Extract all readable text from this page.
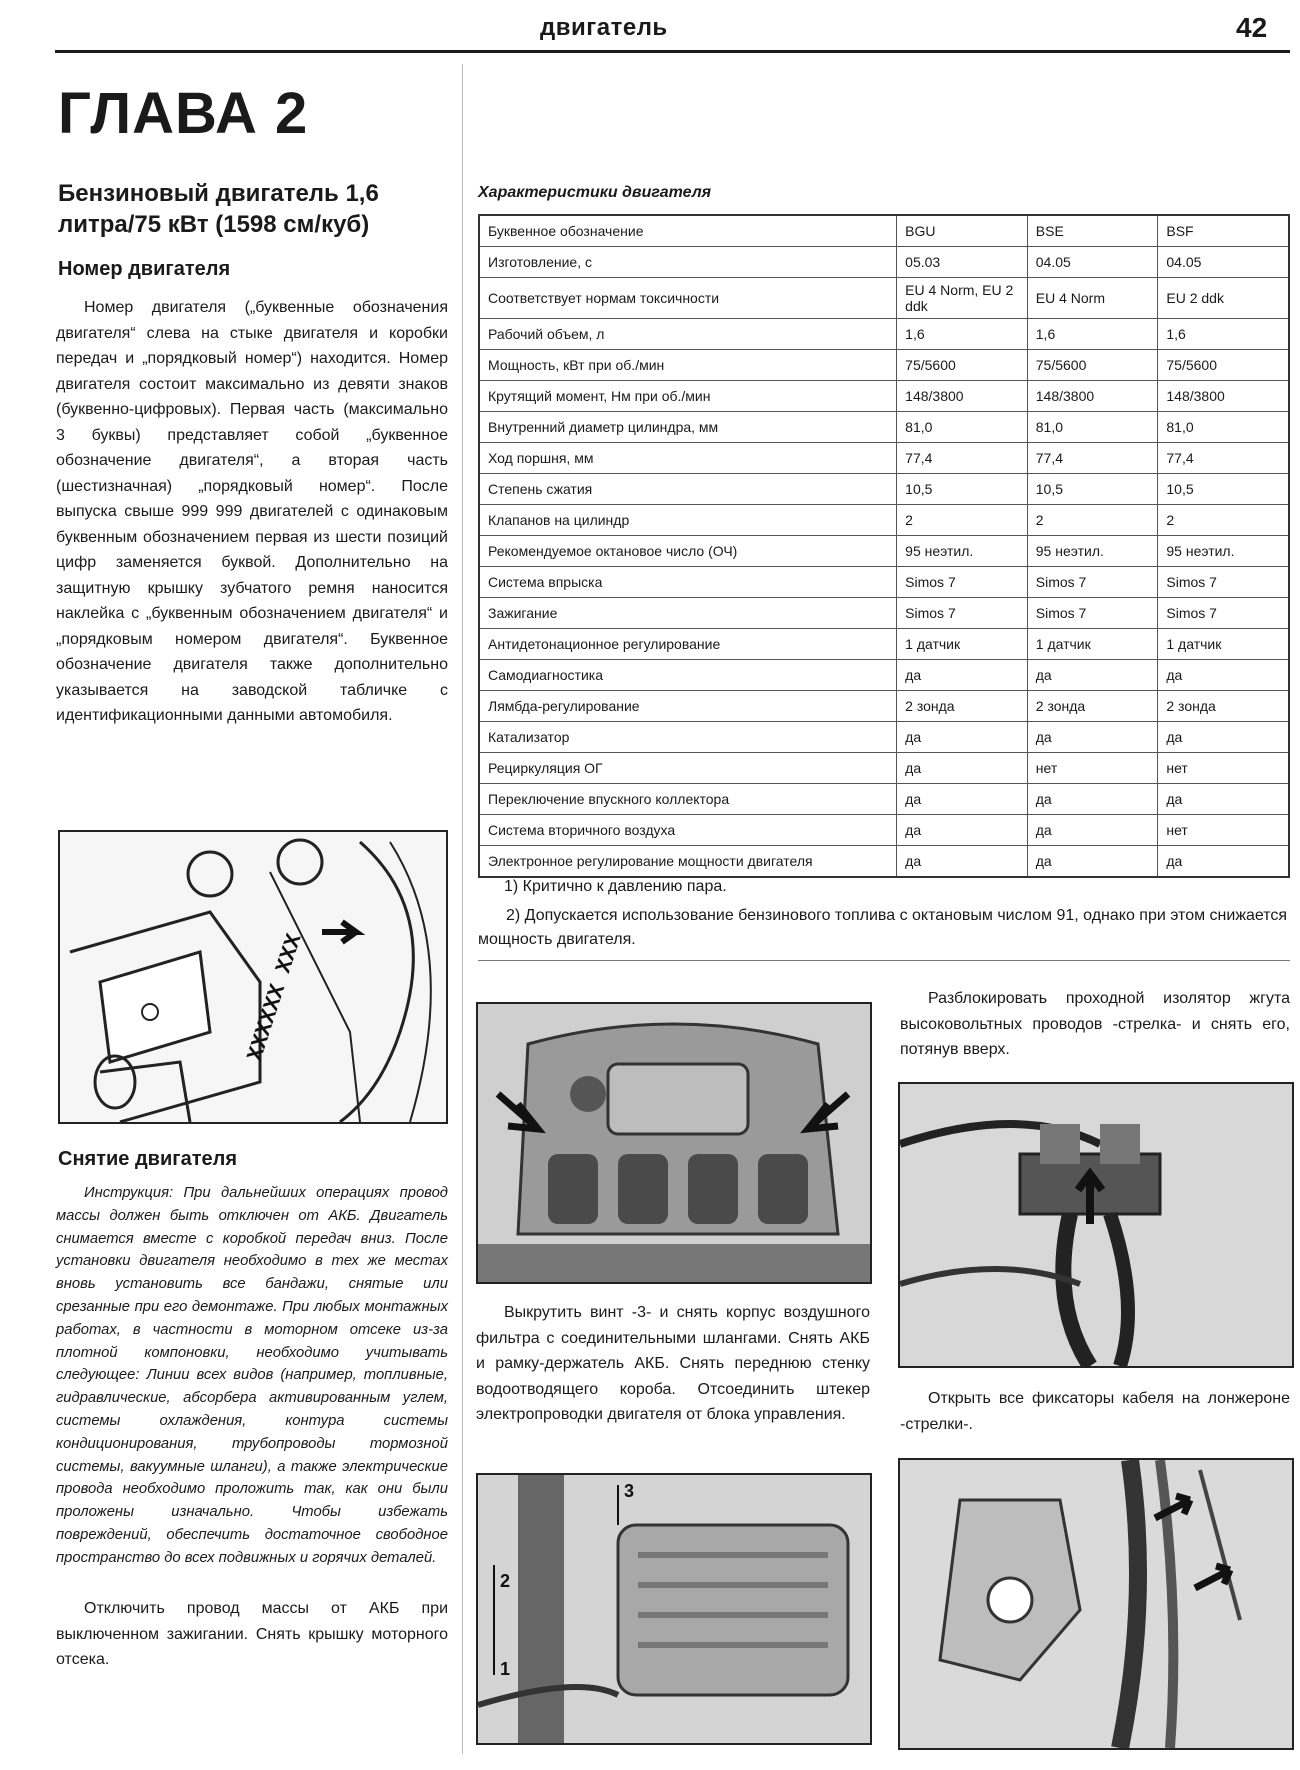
двигатель	42
ГЛАВА 2
Бензиновый двигатель 1,6 литра/75 кВт (1598 см/куб)
Номер двигателя
Номер двигателя („буквенные обозначения двигателя“ слева на стыке двигателя и коробки передач и „порядковый номер“) находится. Номер двигателя состоит максимально из девяти знаков (буквенно-цифровых). Первая часть (максимально 3 буквы) представляет собой „буквенное обозначение двигателя“, а вторая часть (шестизначная) „порядковый номер“. После выпуска свыше 999 999 двигателей с одинаковым буквенным обозначением первая из шести позиций цифр заменяется буквой. Дополнительно на защитную крышку зубчатого ремня наносится наклейка с „буквенным обозначением двигателя“ и „порядковым номером двигателя“. Буквенное обозначение двигателя также дополнительно указывается на заводской табличке с идентификационными данными автомобиля.
XXXXXX XXX
Снятие двигателя
Инструкция: При дальнейших операциях провод массы должен быть отключен от АКБ. Двигатель снимается вместе с коробкой передач вниз. После установки двигателя необходимо в тех же местах вновь установить все бандажи, снятые или срезанные при его демонтаже. При любых монтажных работах, в частности в моторном отсеке из-за плотной компоновки, необходимо учитывать следующее: Линии всех видов (например, топливные, гидравлические, абсорбера активированным углем, системы охлаждения, контура системы кондиционирования, трубопроводы тормозной системы, вакуумные шланги), а также электрические провода необходимо проложить так, как они были проложены изначально. Чтобы избежать повреждений, обеспечить достаточное свободное пространство до всех подвижных и горячих деталей.
Отключить провод массы от АКБ при выключенном зажигании. Снять крышку моторного отсека.
Характеристики двигателя
Буквенное обозначение	BGU	BSE	BSF
Изготовление, с	05.03	04.05	04.05
Соответствует нормам токсичности	EU 4 Norm, EU 2 ddk	EU 4 Norm	EU 2 ddk
Рабочий объем, л	1,6	1,6	1,6
Мощность, кВт при об./мин	75/5600	75/5600	75/5600
Крутящий момент, Нм при об./мин	148/3800	148/3800	148/3800
Внутренний диаметр цилиндра, мм	81,0	81,0	81,0
Ход поршня, мм	77,4	77,4	77,4
Степень сжатия	10,5	10,5	10,5
Клапанов на цилиндр	2	2	2
Рекомендуемое октановое число (ОЧ)	95 неэтил.	95 неэтил.	95 неэтил.
Система впрыска	Simos 7	Simos 7	Simos 7
Зажигание	Simos 7	Simos 7	Simos 7
Антидетонационное регулирование	1 датчик	1 датчик	1 датчик
Самодиагностика	да	да	да
Лямбда-регулирование	2 зонда	2 зонда	2 зонда
Катализатор	да	да	да
Рециркуляция ОГ	да	нет	нет
Переключение впускного коллектора	да	да	да
Система вторичного воздуха	да	да	нет
Электронное регулирование мощности двигателя	да	да	да
1) Критично к давлению пара.
2) Допускается использование бензинового топлива с октановым числом 91, однако при этом снижается мощность двигателя.
Разблокировать проходной изолятор жгута высоковольтных проводов -стрелка- и снять его, потянув вверх.
Выкрутить винт -3- и снять корпус воздушного фильтра с соединительными шлангами. Снять АКБ и рамку-держатель АКБ. Снять переднюю стенку водоотводящего короба. Отсоединить штекер электропроводки двигателя от блока управления.
3
2
1
Открыть все фиксаторы кабеля на лонжероне -стрелки-.
